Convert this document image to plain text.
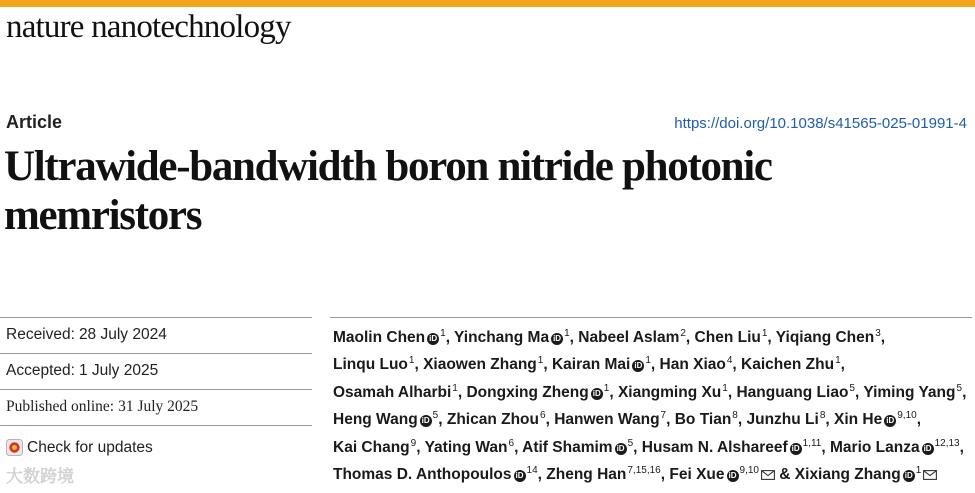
nature nanotechnology
Article	https://doi.org/10.1038/s41565-025-01991-4
Ultrawide-bandwidth boron nitride photonic memristors
Received: 28 July 2024
Accepted: 1 July 2025
Published online: 31 July 2025
Check for updates
Maolin Chen iD $^1$, Yinchang Ma iD $^1$, Nabeel Aslam$^2$, Chen Liu$^1$, Yiqiang Chen$^3$, Linqu Luo$^1$, Xiaowen Zhang$^1$, Kairan Mai iD $^1$, Han Xiao$^4$, Kaichen Zhu$^1$, Osamah Alharbi$^1$, Dongxing Zheng iD $^1$, Xiangming Xu$^1$, Hanguang Liao$^5$, Yiming Yang$^5$, Heng Wang iD $^5$, Zhican Zhou$^6$, Hanwen Wang$^7$, Bo Tian$^8$, Junzhu Li$^8$, Xin He iD $^{9,10}$, Kai Chang$^9$, Yating Wan$^6$, Atif Shamim iD $^5$, Husam N. Alshareef iD $^{1,11}$, Mario Lanza iD $^{12,13}$, Thomas D. Anthopoulos iD $^{14}$, Zheng Han$^{7,15,16}$, Fei Xue iD $^{9,10}$ & Xixiang Zhang iD $^1$
大数跨境
